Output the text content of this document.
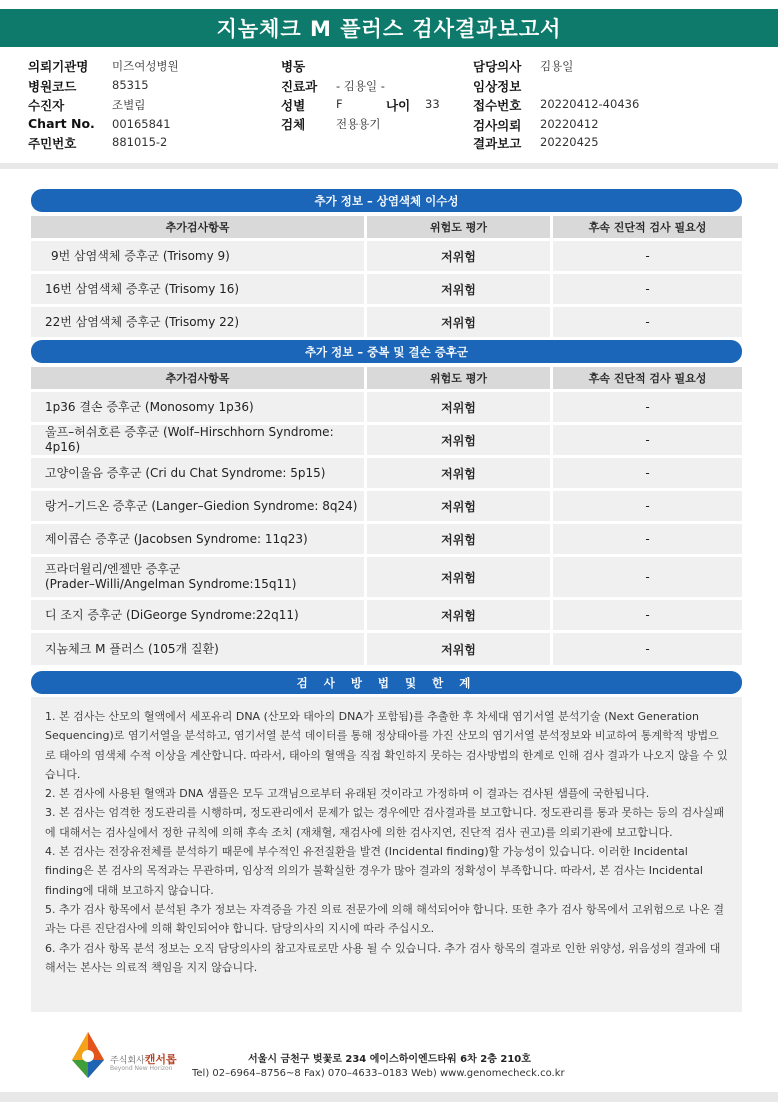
지놈체크 M 플러스 검사결과보고서
의뢰기관명 미즈여성병원
병원코드	85315
수진자	조별림
Chart No. 00165841
주민번호	881015-2
병동
진료과 - 김용일 -
성별	F	나이 33
검체	전용용기
담당의사 김용일
임상정보
접수번호 20220412-40436
검사의뢰 20220412
결과보고 20220425
추가 정보 – 상염색체 이수성
추가검사항목	위험도 평가	후속 진단적 검사 필요성
9번 삼염색체 증후군 (Trisomy 9)	저위험	-
16번 삼염색체 증후군 (Trisomy 16)	저위험	-
22번 삼염색체 증후군 (Trisomy 22)	저위험	-
추가 정보 – 중복 및 결손 증후군
추가검사항목	위험도 평가	후속 진단적 검사 필요성
1p36 결손 증후군 (Monosomy 1p36)	저위험	-
울프–허쉬호른 증후군 (Wolf–Hirschhorn Syndrome: 4p16)	저위험	-
고양이울음 증후군 (Cri du Chat Syndrome: 5p15)	저위험	-
랑거–기드온 증후군 (Langer–Giedion Syndrome: 8q24)	저위험	-
제이콥슨 증후군 (Jacobsen Syndrome: 11q23)	저위험	-
프라더윌리/엔젤만 증후군
(Prader–Willi/Angelman Syndrome:15q11)	저위험	-
디 조지 증후군 (DiGeorge Syndrome:22q11)	저위험	-
지놈체크 M 플러스 (105개 질환)	저위험	-
검 사 방 법 및 한 계

1. 본 검사는 산모의 혈액에서 세포유리 DNA (산모와 태아의 DNA가 포함됨)를 추출한 후 차세대 염기서열 분석기술 (Next Generation Sequencing)로 염기서열을 분석하고, 염기서열 분석 데이터를 통해 정상태아를 가진 산모의 염기서열 분석정보와 비교하여 통계학적 방법으로 태아의 염색체 수적 이상을 계산합니다. 따라서, 태아의 혈액을 직접 확인하지 못하는 검사방법의 한계로 인해 검사 결과가 나오지 않을 수 있습니다.

2. 본 검사에 사용된 혈액과 DNA 샘플은 모두 고객님으로부터 유래된 것이라고 가정하며 이 결과는 검사된 샘플에 국한됩니다.

3. 본 검사는 엄격한 정도관리를 시행하며, 정도관리에서 문제가 없는 경우에만 검사결과를 보고합니다. 정도관리를 통과 못하는 등의 검사실패에 대해서는 검사실에서 정한 규칙에 의해 후속 조치 (재채혈, 재검사에 의한 검사지연, 진단적 검사 권고)를 의뢰기관에 보고합니다.

4. 본 검사는 전장유전체를 분석하기 때문에 부수적인 유전질환을 발견 (Incidental finding)할 가능성이 있습니다. 이러한 Incidental finding은 본 검사의 목적과는 무관하며, 임상적 의의가 불확실한 경우가 많아 결과의 정확성이 부족합니다. 따라서, 본 검사는 Incidental finding에 대해 보고하지 않습니다.

5. 추가 검사 항목에서 분석된 추가 정보는 자격증을 가진 의료 전문가에 의해 해석되어야 합니다. 또한 추가 검사 항목에서 고위험으로 나온 결과는 다른 진단검사에 의해 확인되어야 합니다. 담당의사의 지시에 따라 주십시오.

6. 추가 검사 항목 분석 정보는 오직 담당의사의 참고자료로만 사용 될 수 있습니다. 추가 검사 항목의 결과로 인한 위양성, 위음성의 결과에 대해서는 본사는 의료적 책임을 지지 않습니다.

주식회사캔서롭
Beyond New Horizon
서울시 금천구 벚꽃로 234 에이스하이엔드타워 6차 2층 210호
Tel) 02–6964–8756~8 Fax) 070–4633–0183 Web) www.genomecheck.co.kr
